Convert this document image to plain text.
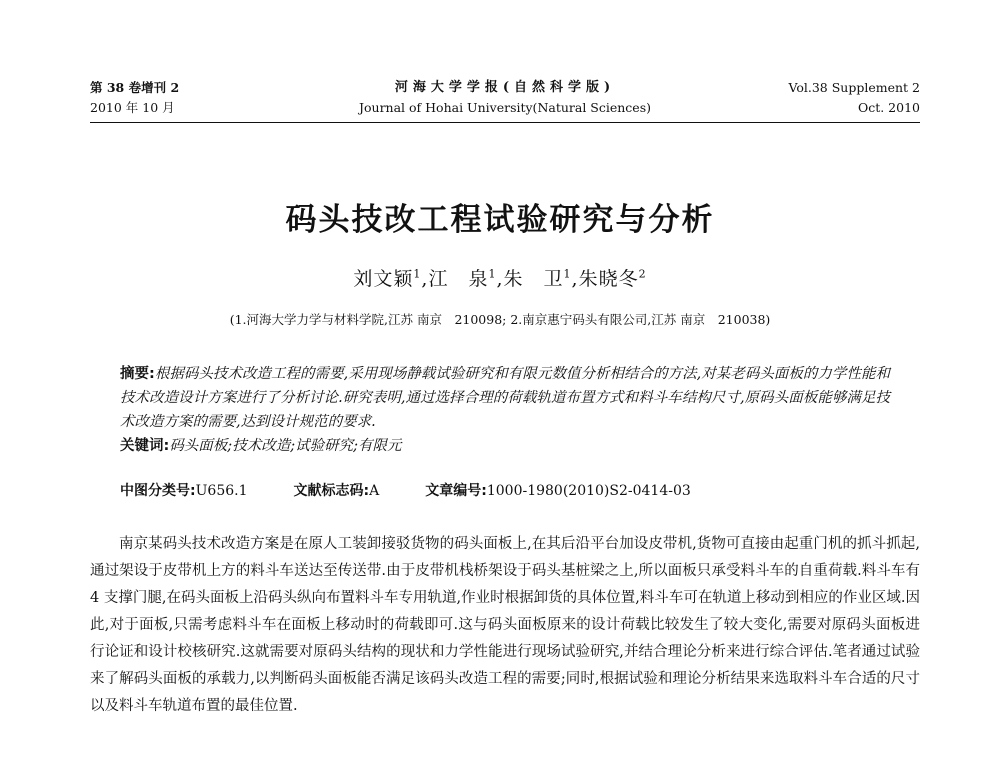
第 38 卷增刊 2
2010 年 10 月
河海大学学报(自然科学版)
Journal of Hohai University(Natural Sciences)
Vol.38 Supplement 2
Oct. 2010
码头技改工程试验研究与分析
刘文颖$^1$,江　泉$^1$,朱　卫$^1$,朱晓冬$^2$
(1.河海大学力学与材料学院,江苏 南京　210098; 2.南京惠宁码头有限公司,江苏 南京　210038)

摘要:根据码头技术改造工程的需要,采用现场静载试验研究和有限元数值分析相结合的方法,对某老码头面板的力学性能和技术改造设计方案进行了分析讨论.研究表明,通过选择合理的荷载轨道布置方式和料斗车结构尺寸,原码头面板能够满足技术改造方案的需要,达到设计规范的要求.

关键词:码头面板;技术改造;试验研究;有限元

中图分类号:U656.1	文献标志码:A	文章编号:1000-1980(2010)S2-0414-03

南京某码头技术改造方案是在原人工装卸接驳货物的码头面板上,在其后沿平台加设皮带机,货物可直接由起重门机的抓斗抓起,通过架设于皮带机上方的料斗车送达至传送带.由于皮带机栈桥架设于码头基桩梁之上,所以面板只承受料斗车的自重荷载.料斗车有 4 支撑门腿,在码头面板上沿码头纵向布置料斗车专用轨道,作业时根据卸货的具体位置,料斗车可在轨道上移动到相应的作业区域.因此,对于面板,只需考虑料斗车在面板上移动时的荷载即可.这与码头面板原来的设计荷载比较发生了较大变化,需要对原码头面板进行论证和设计校核研究.这就需要对原码头结构的现状和力学性能进行现场试验研究,并结合理论分析来进行综合评估.笔者通过试验来了解码头面板的承载力,以判断码头面板能否满足该码头改造工程的需要;同时,根据试验和理论分析结果来选取料斗车合适的尺寸以及料斗车轨道布置的最佳位置.
